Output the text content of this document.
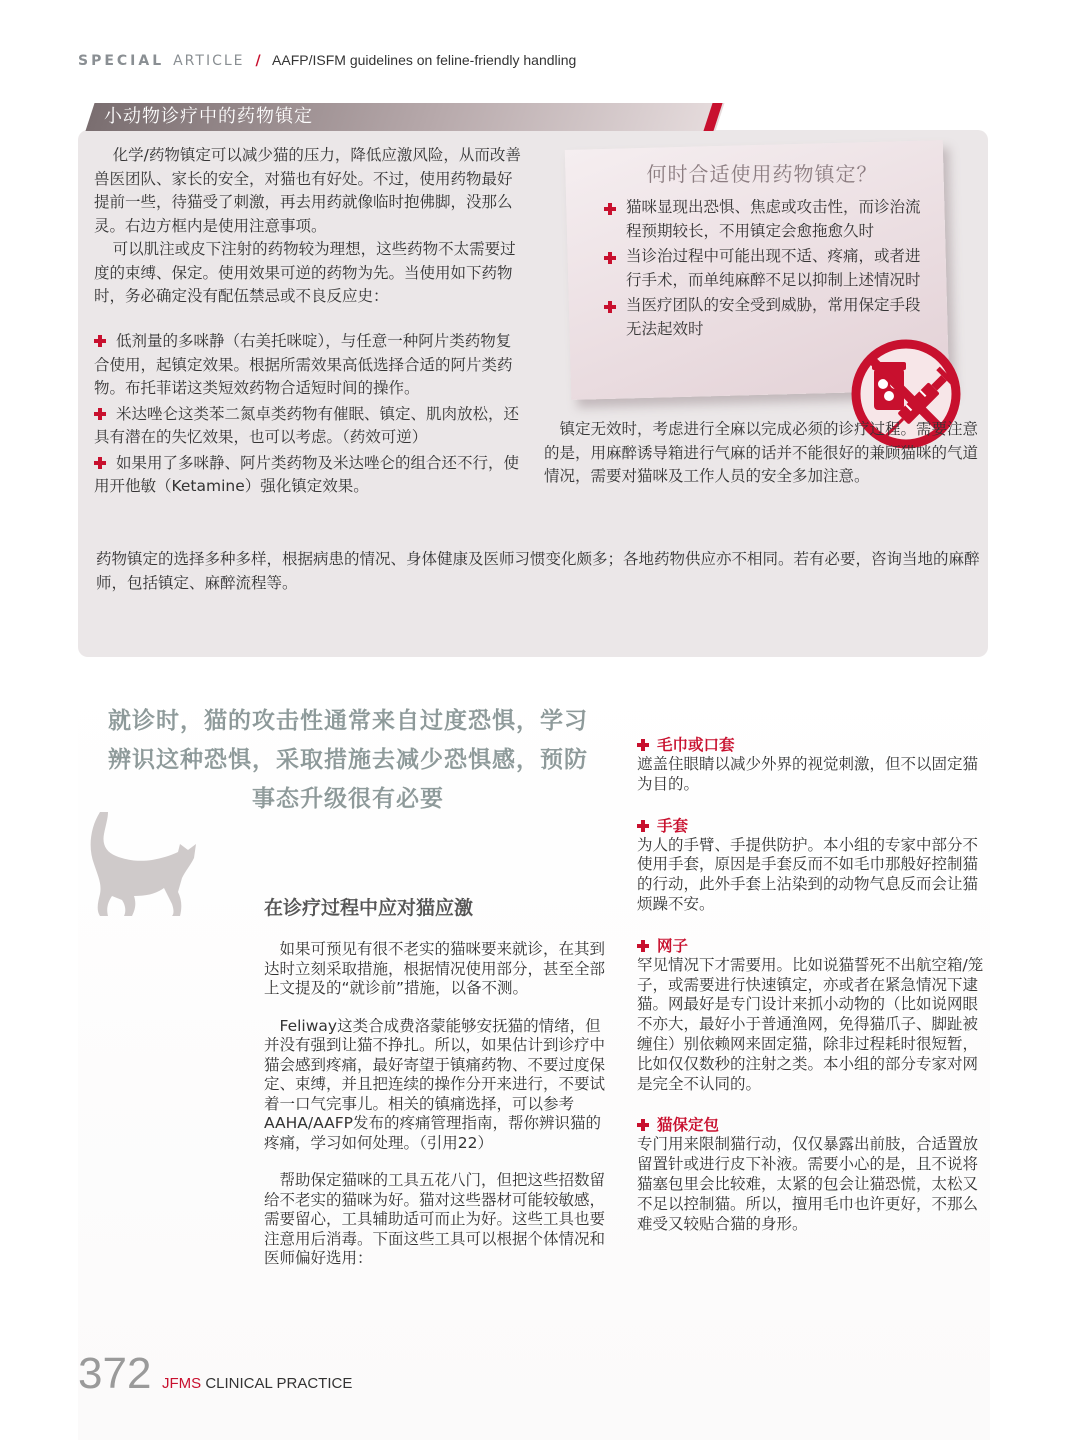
SPECIAL ARTICLE / AAFP/ISFM guidelines on feline-friendly handling
小动物诊疗中的药物镇定

化学/药物镇定可以减少猫的压力，降低应激风险，从而改善兽医团队、家长的安全，对猫也有好处。不过，使用药物最好提前一些，待猫受了刺激，再去用药就像临时抱佛脚，没那么灵。右边方框内是使用注意事项。

可以肌注或皮下注射的药物较为理想，这些药物不太需要过度的束缚、保定。使用效果可逆的药物为先。当使用如下药物时，务必确定没有配伍禁忌或不良反应史：

低剂量的多咪静（右美托咪啶），与任意一种阿片类药物复合使用，起镇定效果。根据所需效果高低选择合适的阿片类药物。布托菲诺这类短效药物合适短时间的操作。
米达唑仑这类苯二氮卓类药物有催眠、镇定、肌肉放松，还具有潜在的失忆效果，也可以考虑。（药效可逆）
如果用了多咪静、阿片类药物及米达唑仑的组合还不行，使用开他敏（Ketamine）强化镇定效果。
何时合适使用药物镇定？
猫咪显现出恐惧、焦虑或攻击性，而诊治流程预期较长，不用镇定会愈拖愈久时
当诊治过程中可能出现不适、疼痛，或者进行手术，而单纯麻醉不足以抑制上述情况时
当医疗团队的安全受到威胁，常用保定手段无法起效时
镇定无效时，考虑进行全麻以完成必须的诊疗过程。需要注意的是，用麻醉诱导箱进行气麻的话并不能很好的兼顾猫咪的气道情况，需要对猫咪及工作人员的安全多加注意。
药物镇定的选择多种多样，根据病患的情况、身体健康及医师习惯变化颇多；各地药物供应亦不相同。若有必要，咨询当地的麻醉师，包括镇定、麻醉流程等。
就诊时，猫的攻击性通常来自过度恐惧，学习辨识这种恐惧，采取措施去减少恐惧感，预防事态升级很有必要
在诊疗过程中应对猫应激

如果可预见有很不老实的猫咪要来就诊，在其到达时立刻采取措施，根据情况使用部分，甚至全部上文提及的“就诊前”措施，以备不测。

Feliway这类合成费洛蒙能够安抚猫的情绪，但并没有强到让猫不挣扎。所以，如果估计到诊疗中猫会感到疼痛，最好寄望于镇痛药物、不要过度保定、束缚，并且把连续的操作分开来进行，不要试着一口气完事儿。相关的镇痛选择，可以参考AAHA/AAFP发布的疼痛管理指南，帮你辨识猫的疼痛，学习如何处理。（引用22）

帮助保定猫咪的工具五花八门，但把这些招数留给不老实的猫咪为好。猫对这些器材可能较敏感，需要留心，工具辅助适可而止为好。这些工具也要注意用后消毒。下面这些工具可以根据个体情况和医师偏好选用：

毛巾或口套

遮盖住眼睛以减少外界的视觉刺激，但不以固定猫为目的。

手套

为人的手臂、手提供防护。本小组的专家中部分不使用手套，原因是手套反而不如毛巾那般好控制猫的行动，此外手套上沾染到的动物气息反而会让猫烦躁不安。

网子

罕见情况下才需要用。比如说猫誓死不出航空箱/笼子，或需要进行快速镇定，亦或者在紧急情况下逮猫。网最好是专门设计来抓小动物的（比如说网眼不亦大，最好小于普通渔网，免得猫爪子、脚趾被缠住）别依赖网来固定猫，除非过程耗时很短暂，比如仅仅数秒的注射之类。本小组的部分专家对网是完全不认同的。

猫保定包

专门用来限制猫行动，仅仅暴露出前肢，合适置放留置针或进行皮下补液。需要小心的是，且不说将猫塞包里会比较难，太紧的包会让猫恐慌，太松又不足以控制猫。所以，擅用毛巾也许更好，不那么难受又较贴合猫的身形。

372 JFMS CLINICAL PRACTICE
